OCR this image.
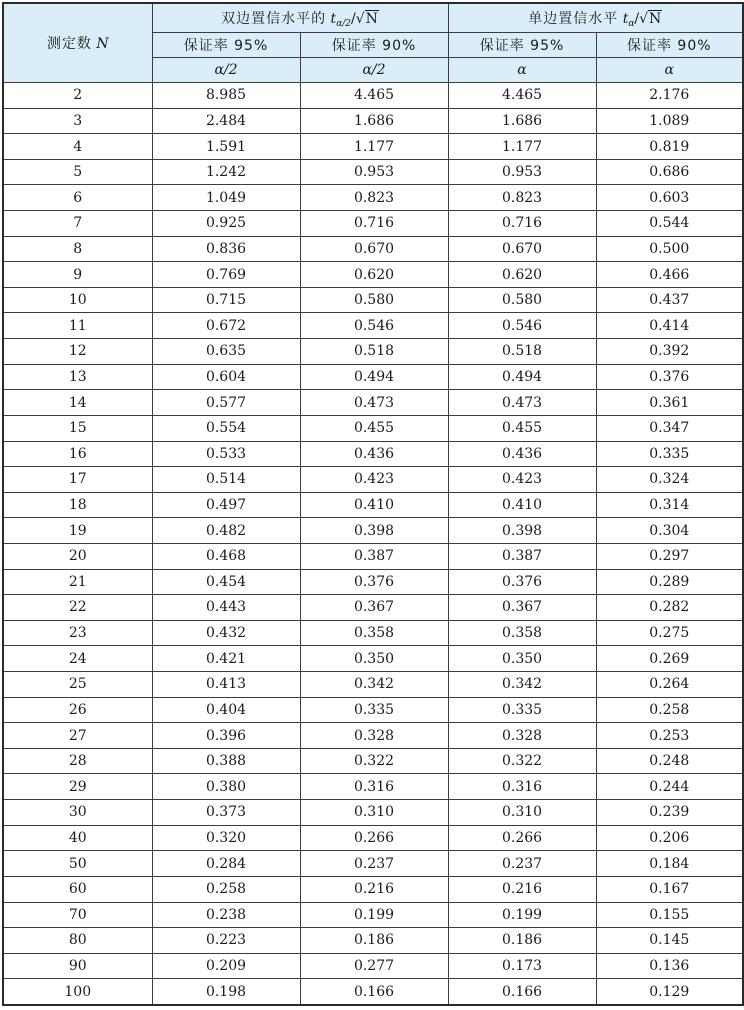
测定数 N	双边置信水平的 $t_{\alpha/2}/√N$		单边置信水平 $t_\alpha/√N$	
	保证率 95%	保证率 90%	保证率 95%	保证率 90%
	α/2	α/2	α	α
2	8.985	4.465	4.465	2.176
3	2.484	1.686	1.686	1.089
4	1.591	1.177	1.177	0.819
5	1.242	0.953	0.953	0.686
6	1.049	0.823	0.823	0.603
7	0.925	0.716	0.716	0.544
8	0.836	0.670	0.670	0.500
9	0.769	0.620	0.620	0.466
10	0.715	0.580	0.580	0.437
11	0.672	0.546	0.546	0.414
12	0.635	0.518	0.518	0.392
13	0.604	0.494	0.494	0.376
14	0.577	0.473	0.473	0.361
15	0.554	0.455	0.455	0.347
16	0.533	0.436	0.436	0.335
17	0.514	0.423	0.423	0.324
18	0.497	0.410	0.410	0.314
19	0.482	0.398	0.398	0.304
20	0.468	0.387	0.387	0.297
21	0.454	0.376	0.376	0.289
22	0.443	0.367	0.367	0.282
23	0.432	0.358	0.358	0.275
24	0.421	0.350	0.350	0.269
25	0.413	0.342	0.342	0.264
26	0.404	0.335	0.335	0.258
27	0.396	0.328	0.328	0.253
28	0.388	0.322	0.322	0.248
29	0.380	0.316	0.316	0.244
30	0.373	0.310	0.310	0.239
40	0.320	0.266	0.266	0.206
50	0.284	0.237	0.237	0.184
60	0.258	0.216	0.216	0.167
70	0.238	0.199	0.199	0.155
80	0.223	0.186	0.186	0.145
90	0.209	0.277	0.173	0.136
100	0.198	0.166	0.166	0.129
